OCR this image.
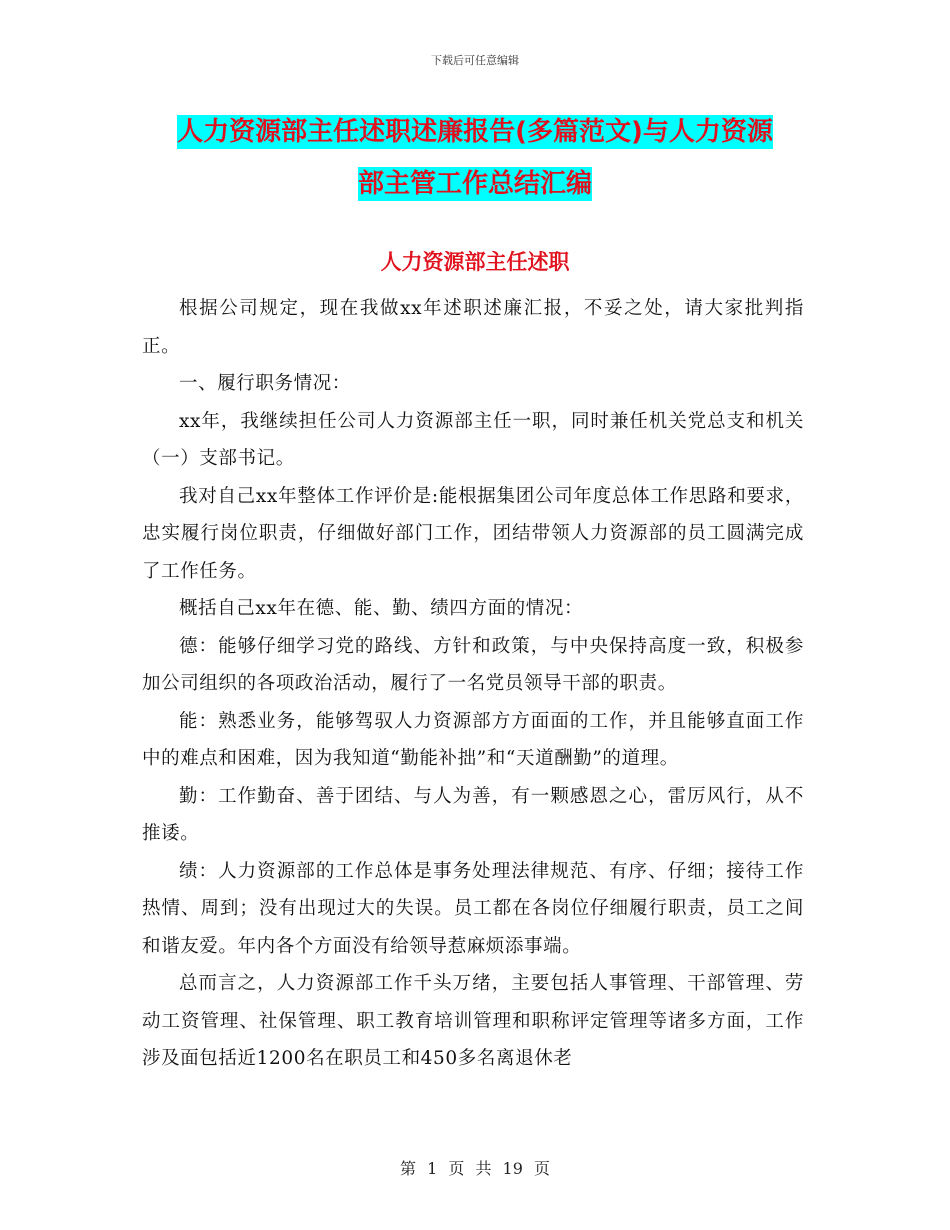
下载后可任意编辑
人力资源部主任述职述廉报告(多篇范文)与人力资源
部主管工作总结汇编
人力资源部主任述职

根据公司规定，现在我做xx年述职述廉汇报，不妥之处，请大家批判指正。

一、履行职务情况：

xx年，我继续担任公司人力资源部主任一职，同时兼任机关党总支和机关（一）支部书记。

我对自己xx年整体工作评价是:能根据集团公司年度总体工作思路和要求，忠实履行岗位职责，仔细做好部门工作，团结带领人力资源部的员工圆满完成了工作任务。

概括自己xx年在德、能、勤、绩四方面的情况：

德：能够仔细学习党的路线、方针和政策，与中央保持高度一致，积极参加公司组织的各项政治活动，履行了一名党员领导干部的职责。

能：熟悉业务，能够驾驭人力资源部方方面面的工作，并且能够直面工作中的难点和困难，因为我知道“勤能补拙”和“天道酬勤”的道理。

勤：工作勤奋、善于团结、与人为善，有一颗感恩之心，雷厉风行，从不推诿。

绩：人力资源部的工作总体是事务处理法律规范、有序、仔细；接待工作热情、周到；没有出现过大的失误。员工都在各岗位仔细履行职责，员工之间和谐友爱。年内各个方面没有给领导惹麻烦添事端。

总而言之，人力资源部工作千头万绪，主要包括人事管理、干部管理、劳动工资管理、社保管理、职工教育培训管理和职称评定管理等诸多方面，工作涉及面包括近1200名在职员工和450多名离退休老

第 1 页 共 19 页
